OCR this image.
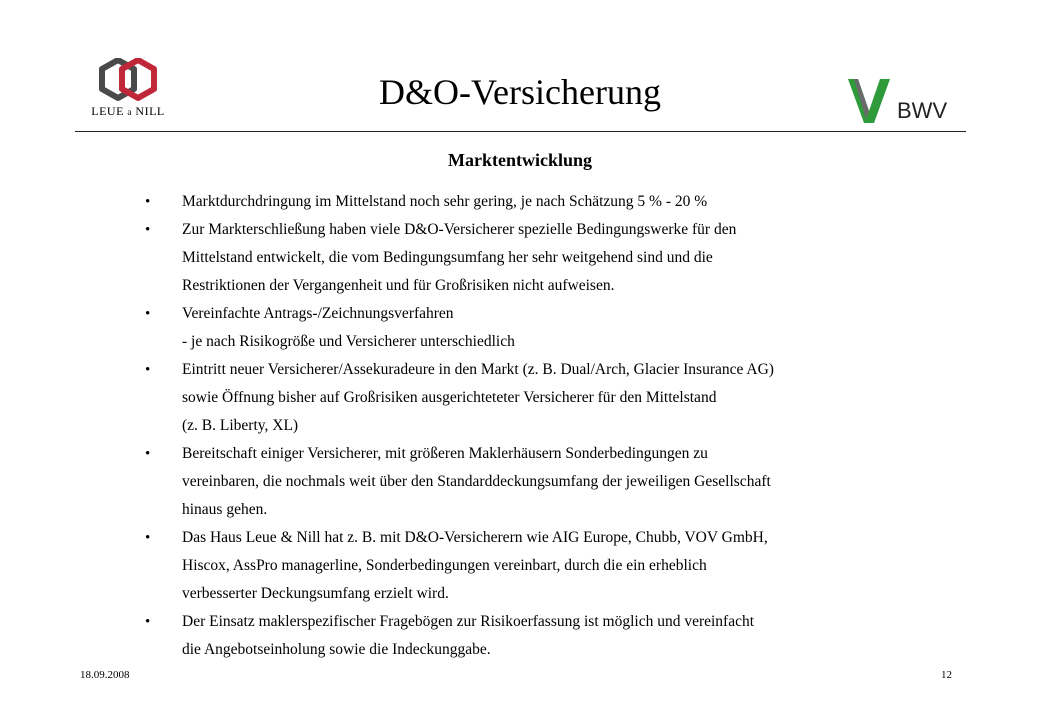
LEUE a NILL	D&O-Versicherung	BWV
Marktentwicklung
• Marktdurchdringung im Mittelstand noch sehr gering, je nach Schätzung 5 % - 20 %
• Zur Markterschließung haben viele D&O-Versicherer spezielle Bedingungswerke für den
Mittelstand entwickelt, die vom Bedingungsumfang her sehr weitgehend sind und die
Restriktionen der Vergangenheit und für Großrisiken nicht aufweisen.
• Vereinfachte Antrags-/Zeichnungsverfahren
- je nach Risikogröße und Versicherer unterschiedlich
• Eintritt neuer Versicherer/Assekuradeure in den Markt (z. B. Dual/Arch, Glacier Insurance AG)
sowie Öffnung bisher auf Großrisiken ausgerichteteter Versicherer für den Mittelstand
(z. B. Liberty, XL)
• Bereitschaft einiger Versicherer, mit größeren Maklerhäusern Sonderbedingungen zu
vereinbaren, die nochmals weit über den Standarddeckungsumfang der jeweiligen Gesellschaft
hinaus gehen.
• Das Haus Leue & Nill hat z. B. mit D&O-Versicherern wie AIG Europe, Chubb, VOV GmbH,
Hiscox, AssPro managerline, Sonderbedingungen vereinbart, durch die ein erheblich
verbesserter Deckungsumfang erzielt wird.
• Der Einsatz maklerspezifischer Fragebögen zur Risikoerfassung ist möglich und vereinfacht
die Angebotseinholung sowie die Indeckunggabe.
18.09.2008	12
